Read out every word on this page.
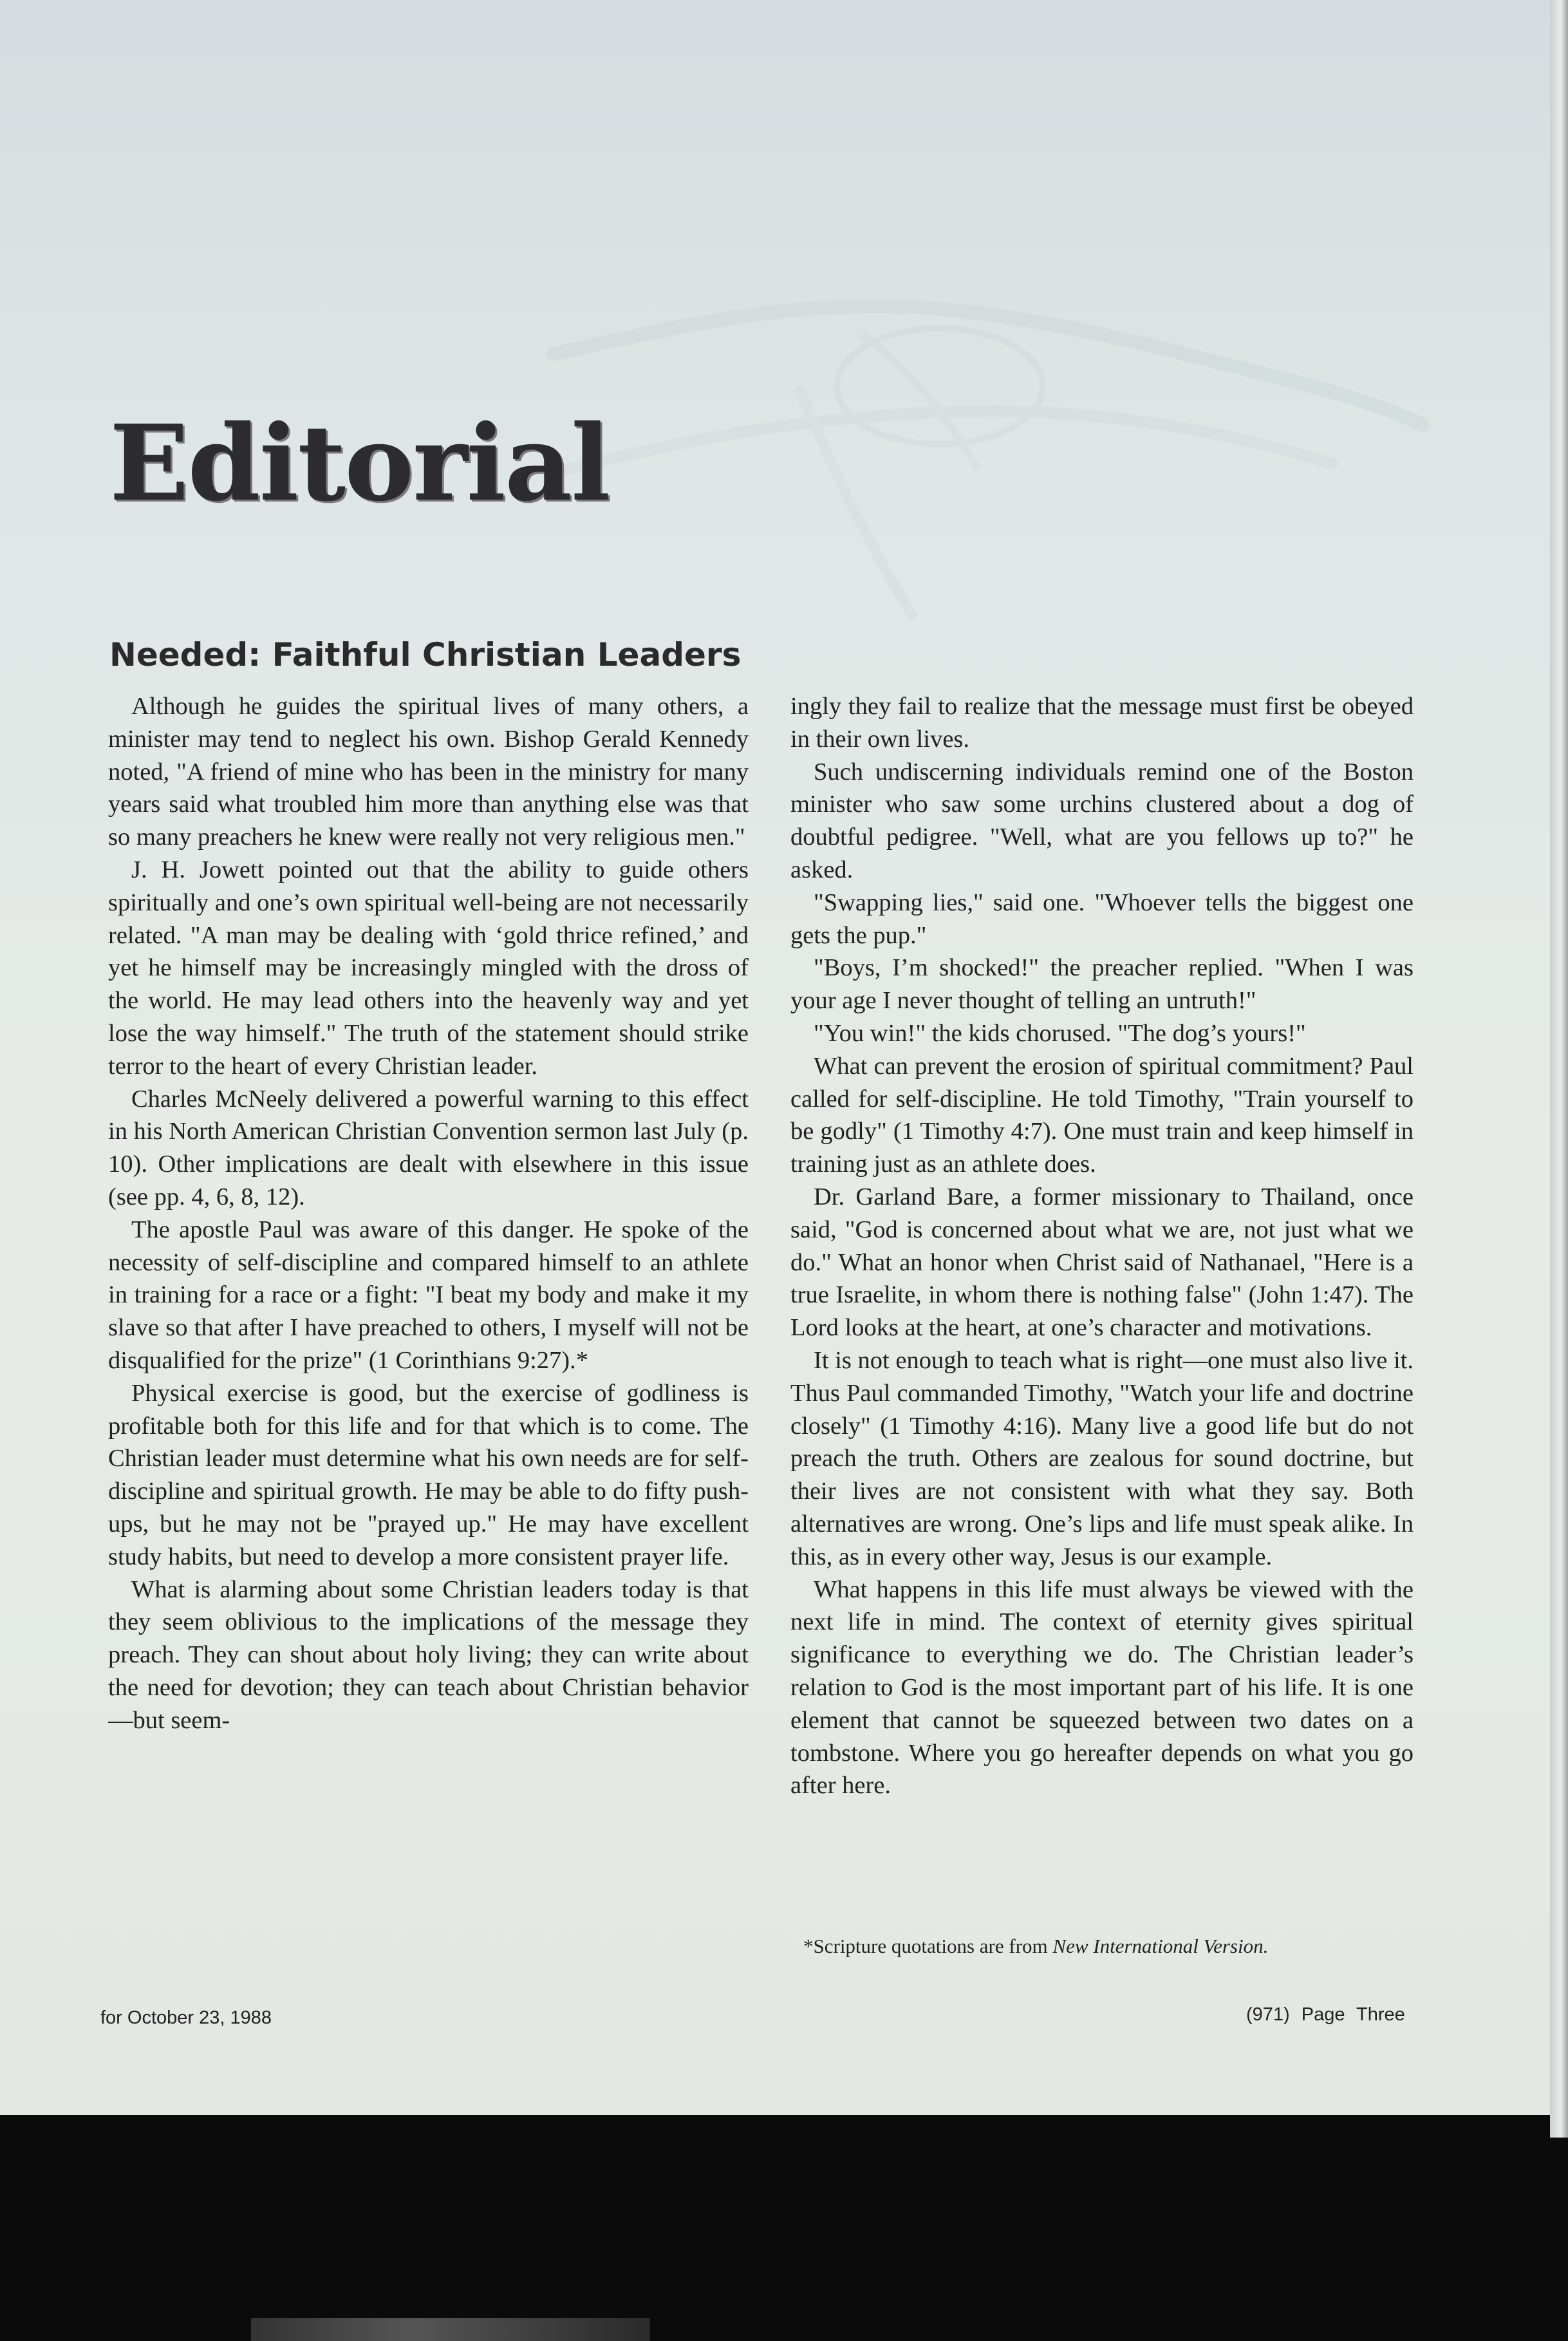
Editorial
Needed: Faithful Christian Leaders

Although he guides the spiritual lives of many others, a minister may tend to neglect his own. Bishop Gerald Kennedy noted, "A friend of mine who has been in the ministry for many years said what troubled him more than anything else was that so many preachers he knew were really not very religious men."

J. H. Jowett pointed out that the ability to guide others spiritually and one’s own spiritual well-being are not necessarily related. "A man may be dealing with ‘gold thrice refined,’ and yet he himself may be increasingly mingled with the dross of the world. He may lead others into the heavenly way and yet lose the way himself." The truth of the statement should strike terror to the heart of every Christian leader.

Charles McNeely delivered a powerful warning to this effect in his North American Christian Convention sermon last July (p. 10). Other implications are dealt with elsewhere in this issue (see pp. 4, 6, 8, 12).

The apostle Paul was aware of this danger. He spoke of the necessity of self-discipline and compared himself to an athlete in training for a race or a fight: "I beat my body and make it my slave so that after I have preached to others, I myself will not be disqualified for the prize" (1 Corinthians 9:27).*

Physical exercise is good, but the exercise of godliness is profitable both for this life and for that which is to come. The Christian leader must determine what his own needs are for self-discipline and spiritual growth. He may be able to do fifty push-ups, but he may not be "prayed up." He may have excellent study habits, but need to develop a more consistent prayer life.

What is alarming about some Christian leaders today is that they seem oblivious to the implications of the message they preach. They can shout about holy living; they can write about the need for devotion; they can teach about Christian behavior—but seem-

ingly they fail to realize that the message must first be obeyed in their own lives.

Such undiscerning individuals remind one of the Boston minister who saw some urchins clustered about a dog of doubtful pedigree. "Well, what are you fellows up to?" he asked.

"Swapping lies," said one. "Whoever tells the biggest one gets the pup."

"Boys, I’m shocked!" the preacher replied. "When I was your age I never thought of telling an untruth!"

"You win!" the kids chorused. "The dog’s yours!"

What can prevent the erosion of spiritual commitment? Paul called for self-discipline. He told Timothy, "Train yourself to be godly" (1 Timothy 4:7). One must train and keep himself in training just as an athlete does.

Dr. Garland Bare, a former missionary to Thailand, once said, "God is concerned about what we are, not just what we do." What an honor when Christ said of Nathanael, "Here is a true Israelite, in whom there is nothing false" (John 1:47). The Lord looks at the heart, at one’s character and motivations.

It is not enough to teach what is right—one must also live it. Thus Paul commanded Timothy, "Watch your life and doctrine closely" (1 Timothy 4:16). Many live a good life but do not preach the truth. Others are zealous for sound doctrine, but their lives are not consistent with what they say. Both alternatives are wrong. One’s lips and life must speak alike. In this, as in every other way, Jesus is our example.

What happens in this life must always be viewed with the next life in mind. The context of eternity gives spiritual significance to everything we do. The Christian leader’s relation to God is the most important part of his life. It is one element that cannot be squeezed between two dates on a tombstone. Where you go hereafter depends on what you go after here.

*Scripture quotations are from New International Version.
for October 23, 1988	(971) Page Three
